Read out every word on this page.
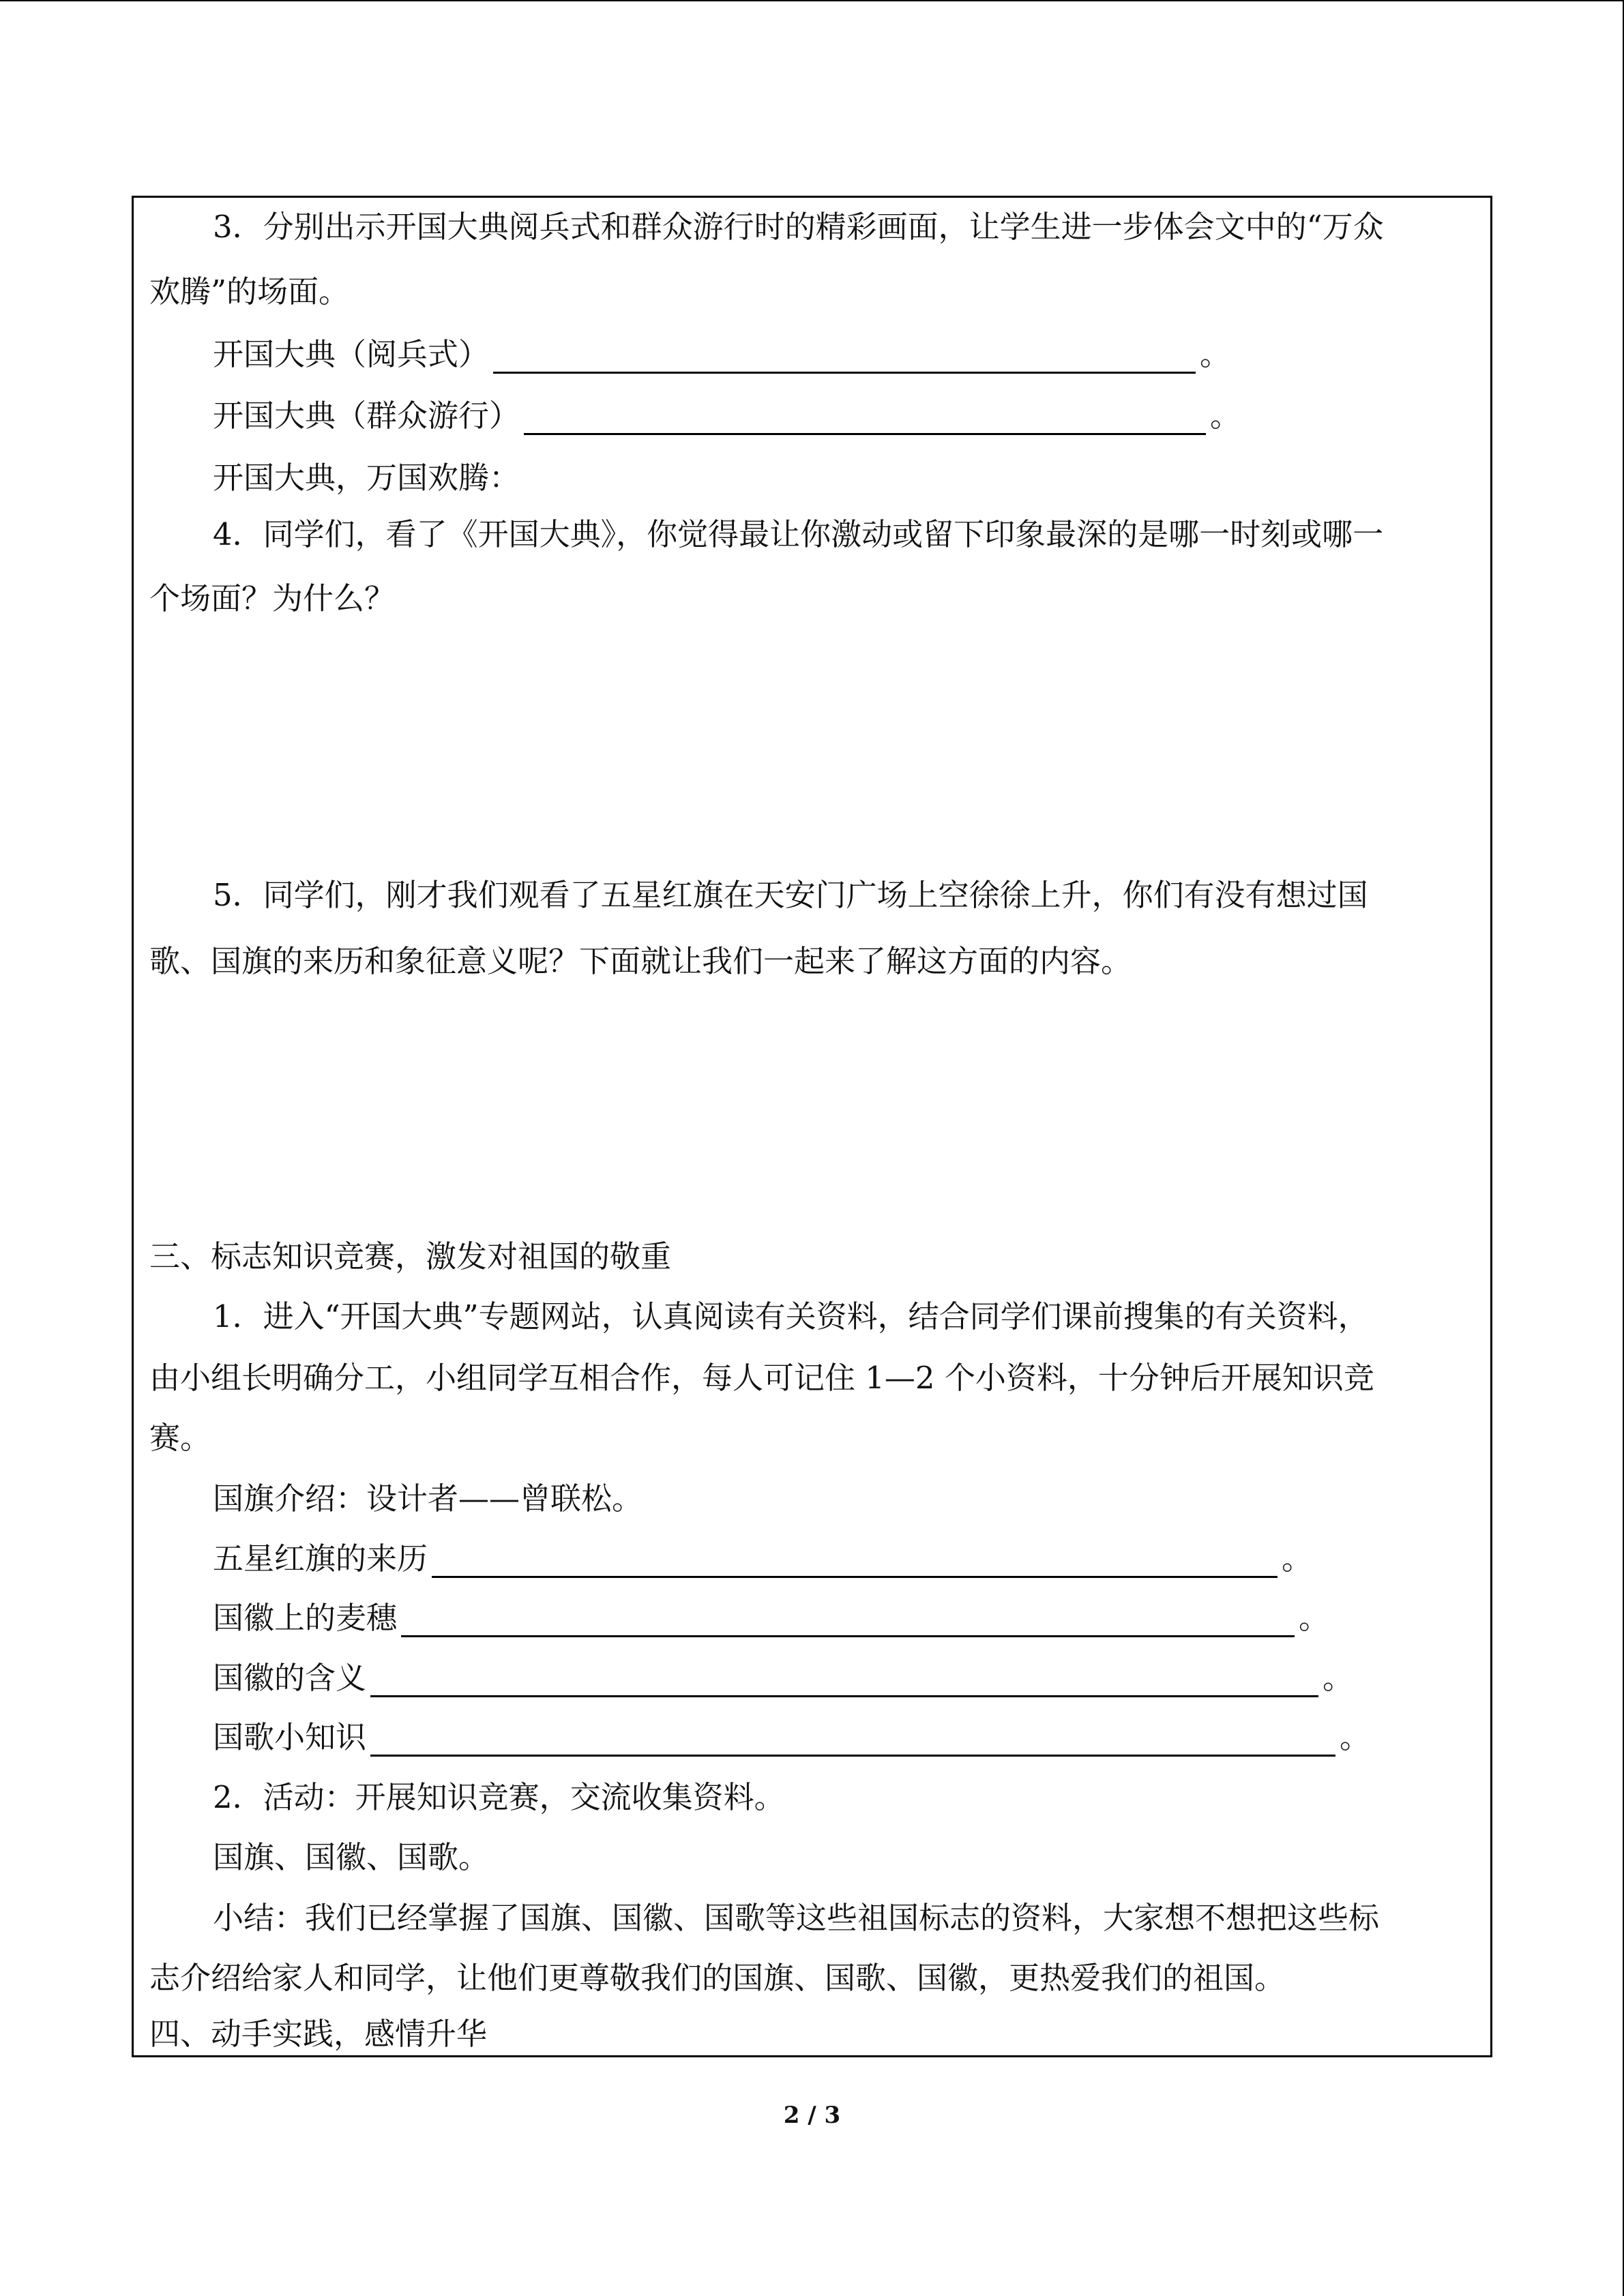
3．分别出示开国大典阅兵式和群众游行时的精彩画面，让学生进一步体会文中的“万众
欢腾”的场面。
开国大典（阅兵式）	。
开国大典（群众游行）	。
开国大典，万国欢腾：
4．同学们，看了《开国大典》，你觉得最让你激动或留下印象最深的是哪一时刻或哪一
个场面？为什么？
5．同学们，刚才我们观看了五星红旗在天安门广场上空徐徐上升，你们有没有想过国
歌、国旗的来历和象征意义呢？下面就让我们一起来了解这方面的内容。
三、标志知识竞赛，激发对祖国的敬重
1．进入“开国大典”专题网站，认真阅读有关资料，结合同学们课前搜集的有关资料，
由小组长明确分工，小组同学互相合作，每人可记住 1—2 个小资料，十分钟后开展知识竞
赛。
国旗介绍：设计者——曾联松。
五星红旗的来历	。
国徽上的麦穗	。
国徽的含义	。
国歌小知识	。
2．活动：开展知识竞赛，交流收集资料。
国旗、国徽、国歌。
小结：我们已经掌握了国旗、国徽、国歌等这些祖国标志的资料，大家想不想把这些标
志介绍给家人和同学，让他们更尊敬我们的国旗、国歌、国徽，更热爱我们的祖国。
四、动手实践，感情升华
2 / 3
